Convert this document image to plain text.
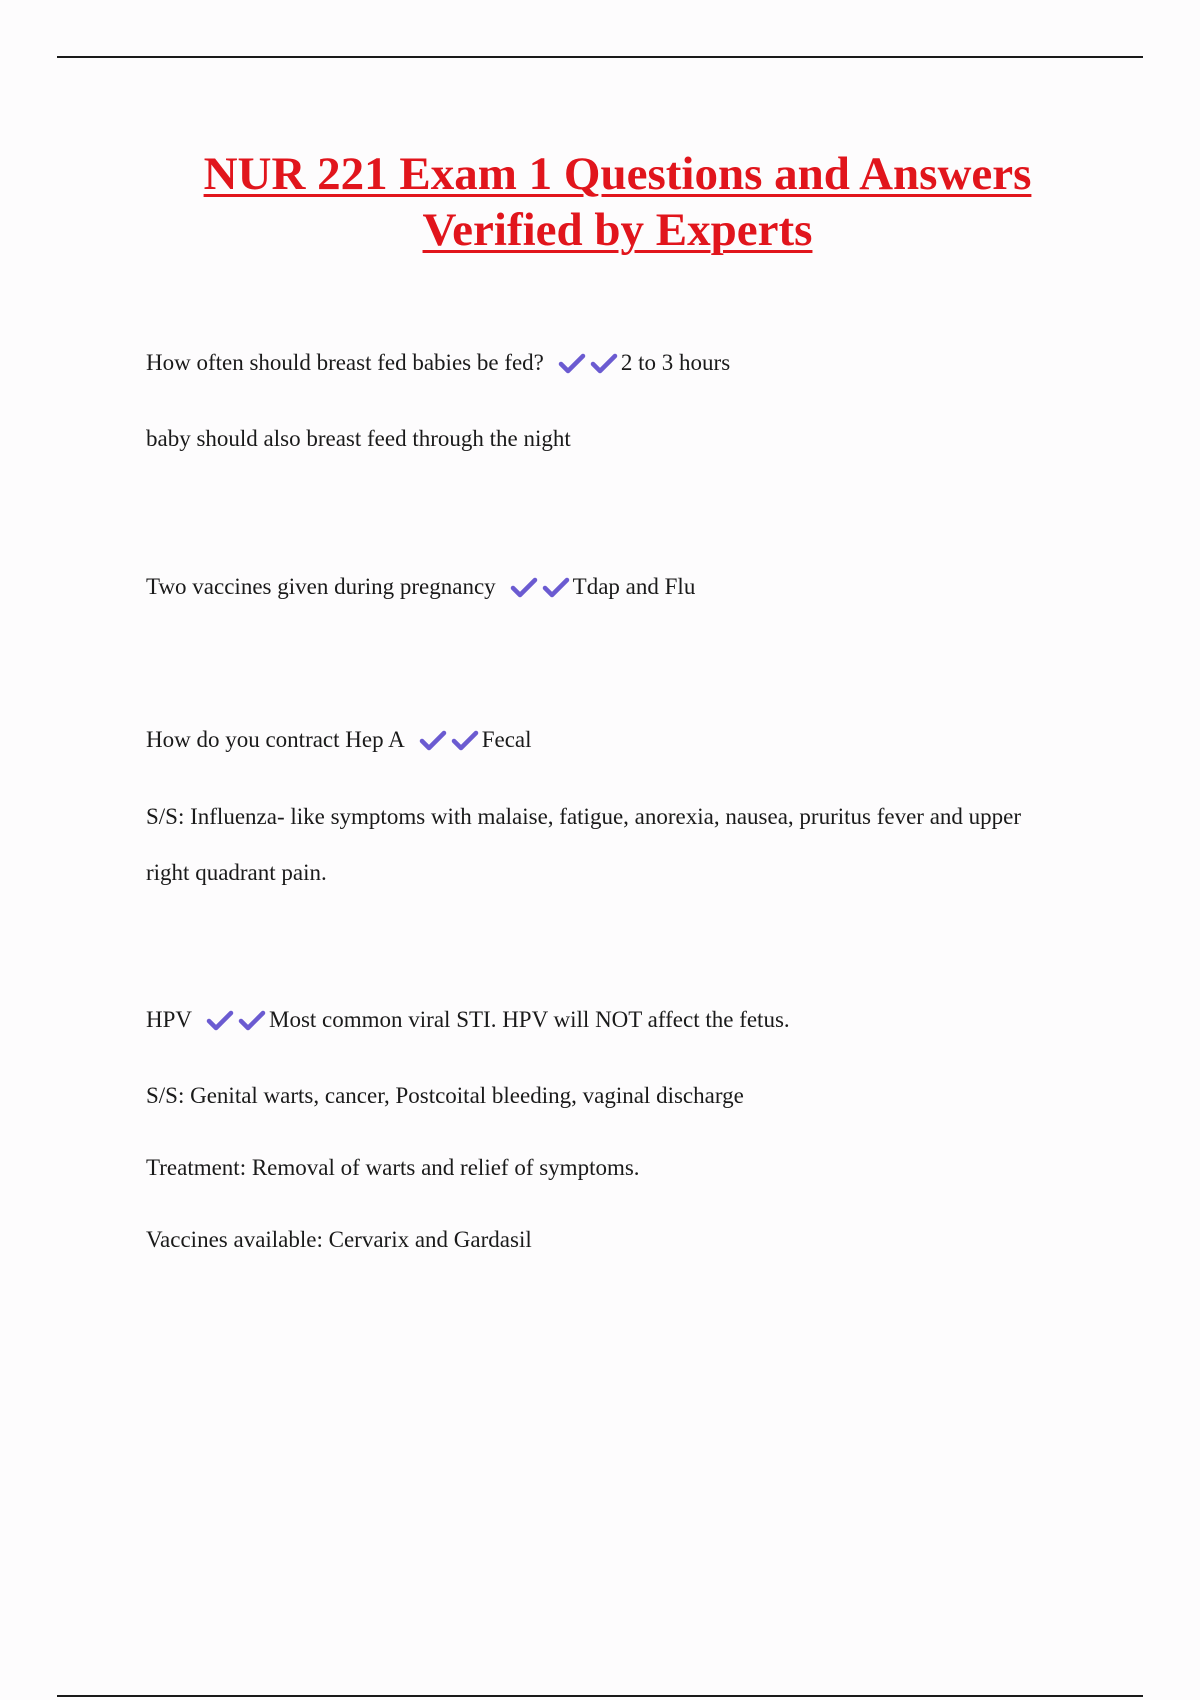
NUR 221 Exam 1 Questions and Answers
Verified by Experts
How often should breast fed babies be fed?	2 to 3 hours
baby should also breast feed through the night
Two vaccines given during pregnancy	Tdap and Flu
How do you contract Hep A	Fecal
S/S: Influenza- like symptoms with malaise, fatigue, anorexia, nausea, pruritus fever and upper
right quadrant pain.
HPV	Most common viral STI. HPV will NOT affect the fetus.
S/S: Genital warts, cancer, Postcoital bleeding, vaginal discharge
Treatment: Removal of warts and relief of symptoms.
Vaccines available: Cervarix and Gardasil
